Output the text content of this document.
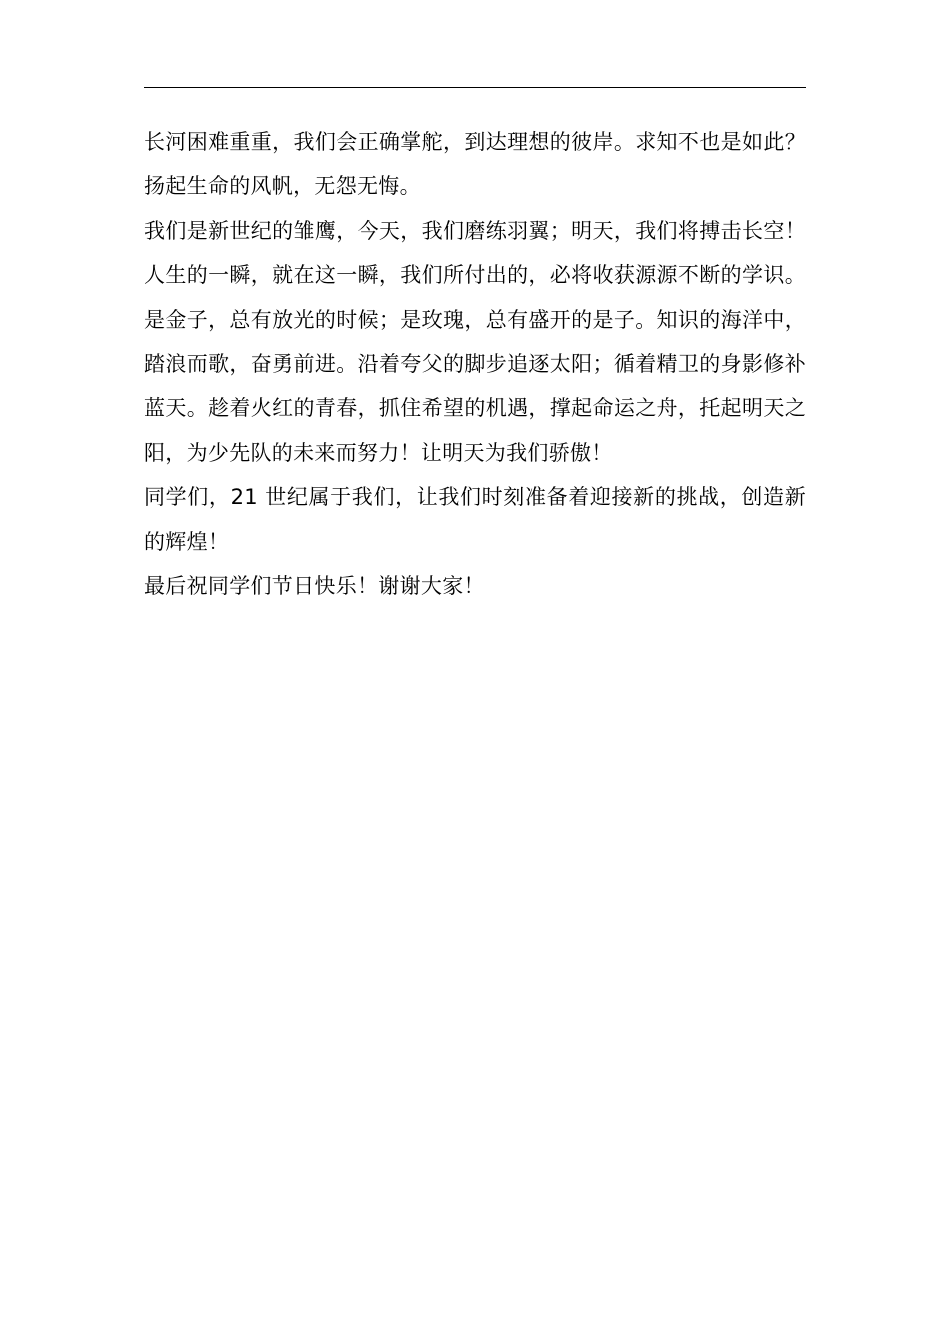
长河困难重重，我们会正确掌舵，到达理想的彼岸。求知不也是如此？扬起生命的风帆，无怨无悔。

我们是新世纪的雏鹰，今天，我们磨练羽翼；明天，我们将搏击长空！人生的一瞬，就在这一瞬，我们所付出的，必将收获源源不断的学识。是金子，总有放光的时候；是玫瑰，总有盛开的是子。知识的海洋中，踏浪而歌，奋勇前进。沿着夸父的脚步追逐太阳；循着精卫的身影修补蓝天。趁着火红的青春，抓住希望的机遇，撑起命运之舟，托起明天之阳，为少先队的未来而努力！让明天为我们骄傲！

同学们，21 世纪属于我们，让我们时刻准备着迎接新的挑战，创造新的辉煌！

最后祝同学们节日快乐！谢谢大家！
